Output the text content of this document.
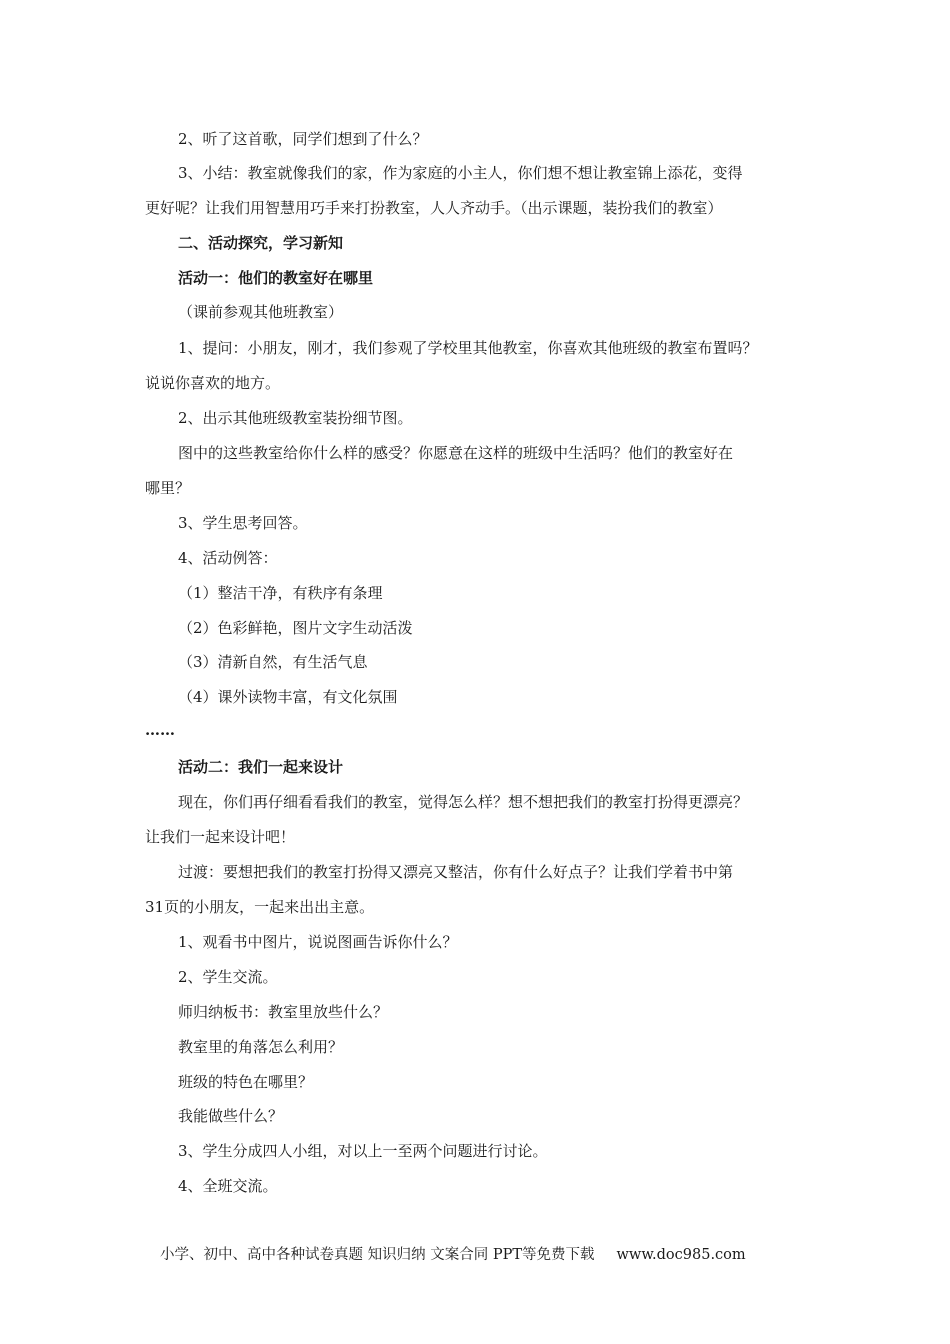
2、听了这首歌，同学们想到了什么？
3、小结：教室就像我们的家，作为家庭的小主人，你们想不想让教室锦上添花，变得
更好呢？让我们用智慧用巧手来打扮教室，人人齐动手。（出示课题，装扮我们的教室）
二、活动探究，学习新知
活动一：他们的教室好在哪里
（课前参观其他班教室）
1、提问：小朋友，刚才，我们参观了学校里其他教室，你喜欢其他班级的教室布置吗？
说说你喜欢的地方。
2、出示其他班级教室装扮细节图。
图中的这些教室给你什么样的感受？你愿意在这样的班级中生活吗？他们的教室好在
哪里？
3、学生思考回答。
4、活动例答：
（1）整洁干净，有秩序有条理
（2）色彩鲜艳，图片文字生动活泼
（3）清新自然，有生活气息
（4）课外读物丰富，有文化氛围
……
活动二：我们一起来设计
现在，你们再仔细看看我们的教室，觉得怎么样？想不想把我们的教室打扮得更漂亮？
让我们一起来设计吧！
过渡：要想把我们的教室打扮得又漂亮又整洁，你有什么好点子？让我们学着书中第
31页的小朋友，一起来出出主意。
1、观看书中图片，说说图画告诉你什么？
2、学生交流。
师归纳板书：教室里放些什么？
教室里的角落怎么利用？
班级的特色在哪里？
我能做些什么？
3、学生分成四人小组，对以上一至两个问题进行讨论。
4、全班交流。
小学、初中、高中各种试卷真题 知识归纳 文案合同 PPT等免费下载 www.doc985.com
